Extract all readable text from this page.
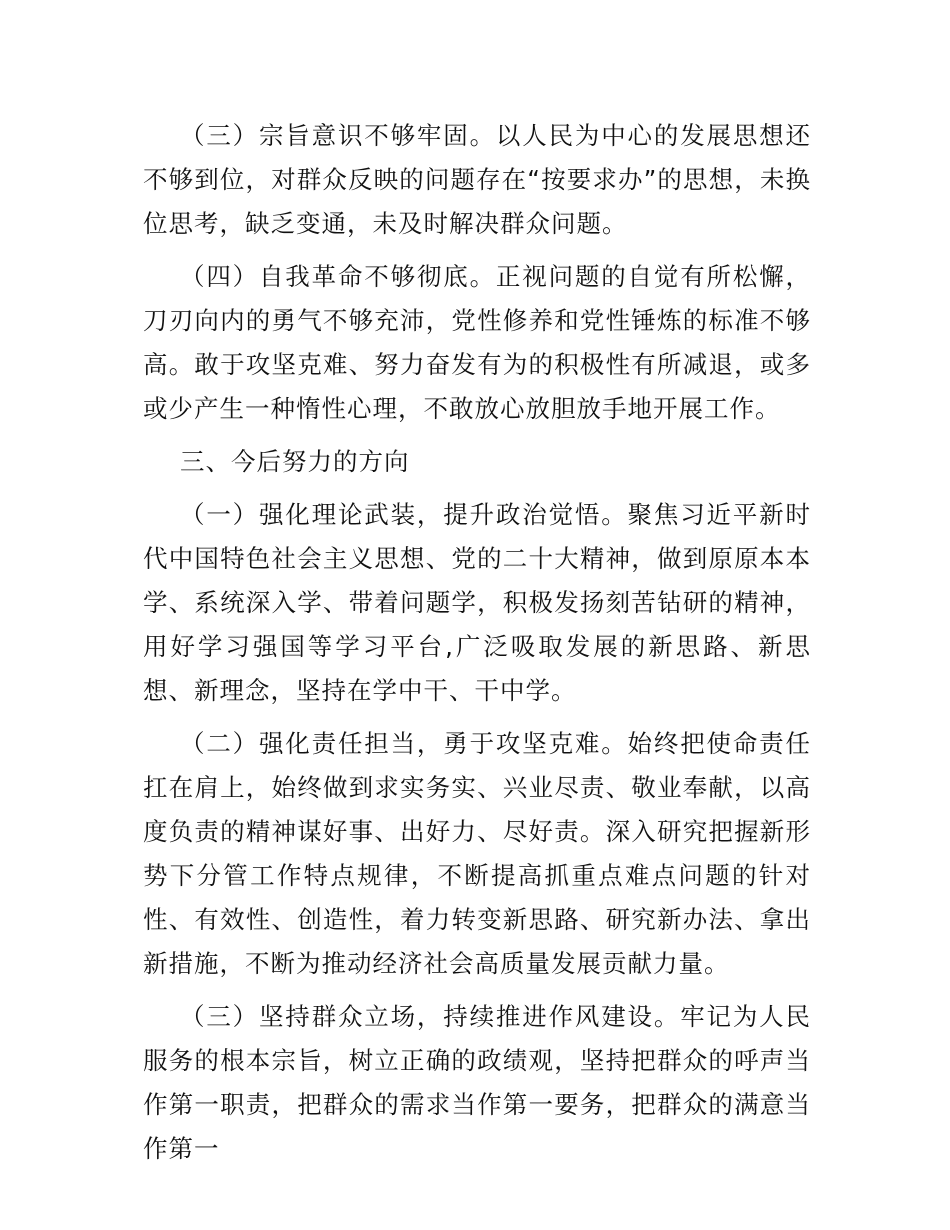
（三）宗旨意识不够牢固。以人民为中心的发展思想还不够到位，对群众反映的问题存在“按要求办”的思想，未换位思考，缺乏变通，未及时解决群众问题。

（四）自我革命不够彻底。正视问题的自觉有所松懈，刀刃向内的勇气不够充沛，党性修养和党性锤炼的标准不够高。敢于攻坚克难、努力奋发有为的积极性有所减退，或多或少产生一种惰性心理，不敢放心放胆放手地开展工作。

三、今后努力的方向

（一）强化理论武装，提升政治觉悟。聚焦习近平新时代中国特色社会主义思想、党的二十大精神，做到原原本本学、系统深入学、带着问题学，积极发扬刻苦钻研的精神，用好学习强国等学习平台,广泛吸取发展的新思路、新思想、新理念，坚持在学中干、干中学。

（二）强化责任担当，勇于攻坚克难。始终把使命责任扛在肩上，始终做到求实务实、兴业尽责、敬业奉献，以高度负责的精神谋好事、出好力、尽好责。深入研究把握新形势下分管工作特点规律，不断提高抓重点难点问题的针对性、有效性、创造性，着力转变新思路、研究新办法、拿出新措施，不断为推动经济社会高质量发展贡献力量。

（三）坚持群众立场，持续推进作风建设。牢记为人民服务的根本宗旨，树立正确的政绩观，坚持把群众的呼声当作第一职责，把群众的需求当作第一要务，把群众的满意当作第一
